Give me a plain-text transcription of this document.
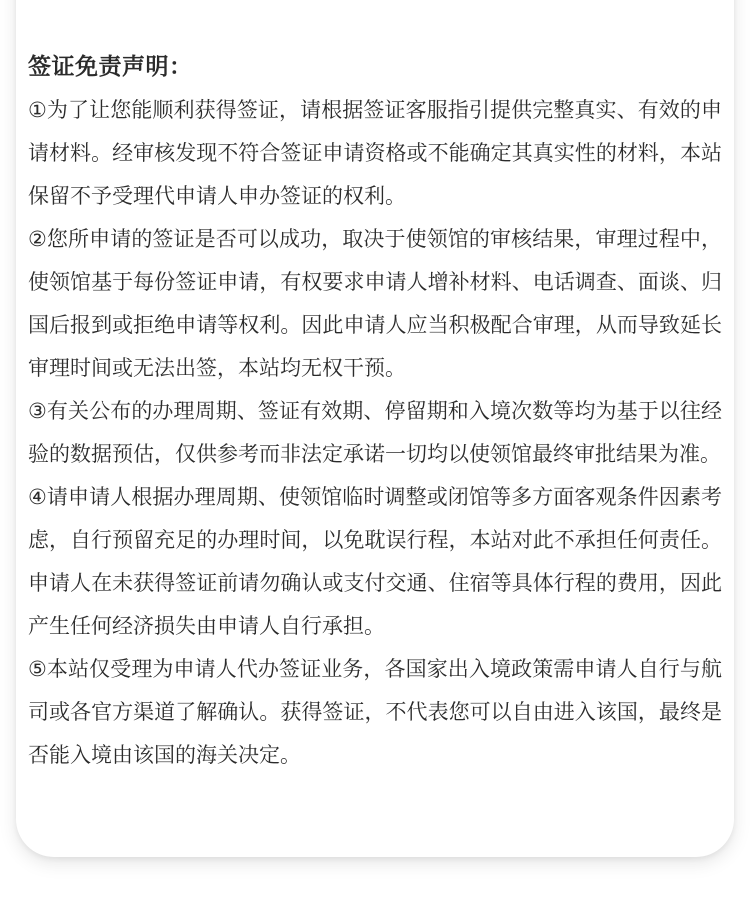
签证免责声明：

①为了让您能顺利获得签证，请根据签证客服指引提供完整真实、有效的申请材料。经审核发现不符合签证申请资格或不能确定其真实性的材料，本站保留不予受理代申请人申办签证的权利。

②您所申请的签证是否可以成功，取决于使领馆的审核结果，审理过程中，使领馆基于每份签证申请，有权要求申请人增补材料、电话调查、面谈、归国后报到或拒绝申请等权利。因此申请人应当积极配合审理，从而导致延长审理时间或无法出签，本站均无权干预。

③有关公布的办理周期、签证有效期、停留期和入境次数等均为基于以往经验的数据预估，仅供参考而非法定承诺一切均以使领馆最终审批结果为准。

④请申请人根据办理周期、使领馆临时调整或闭馆等多方面客观条件因素考虑，自行预留充足的办理时间，以免耽误行程，本站对此不承担任何责任。申请人在未获得签证前请勿确认或支付交通、住宿等具体行程的费用，因此产生任何经济损失由申请人自行承担。

⑤本站仅受理为申请人代办签证业务，各国家出入境政策需申请人自行与航司或各官方渠道了解确认。获得签证，不代表您可以自由进入该国，最终是否能入境由该国的海关决定。
